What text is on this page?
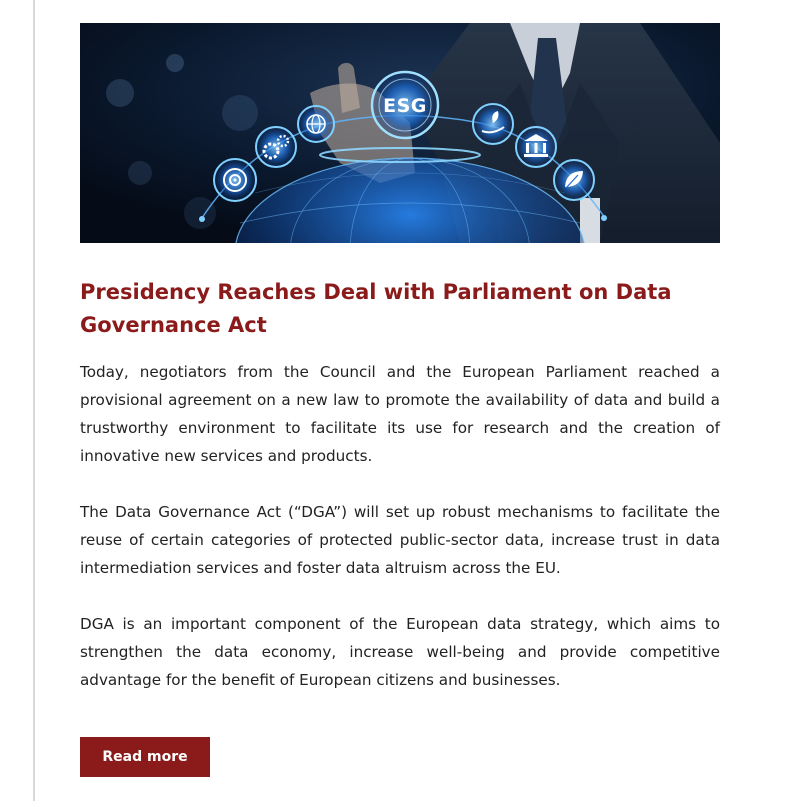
ESG
Presidency Reaches Deal with Parliament on Data Governance Act

Today, negotiators from the Council and the European Parliament reached a provisional agreement on a new law to promote the availability of data and build a trustworthy environment to facilitate its use for research and the creation of innovative new services and products.

The Data Governance Act (“DGA”) will set up robust mechanisms to facilitate the reuse of certain categories of protected public-sector data, increase trust in data intermediation services and foster data altruism across the EU.

DGA is an important component of the European data strategy, which aims to strengthen the data economy, increase well-being and provide competitive advantage for the benefit of European citizens and businesses.

Read more
